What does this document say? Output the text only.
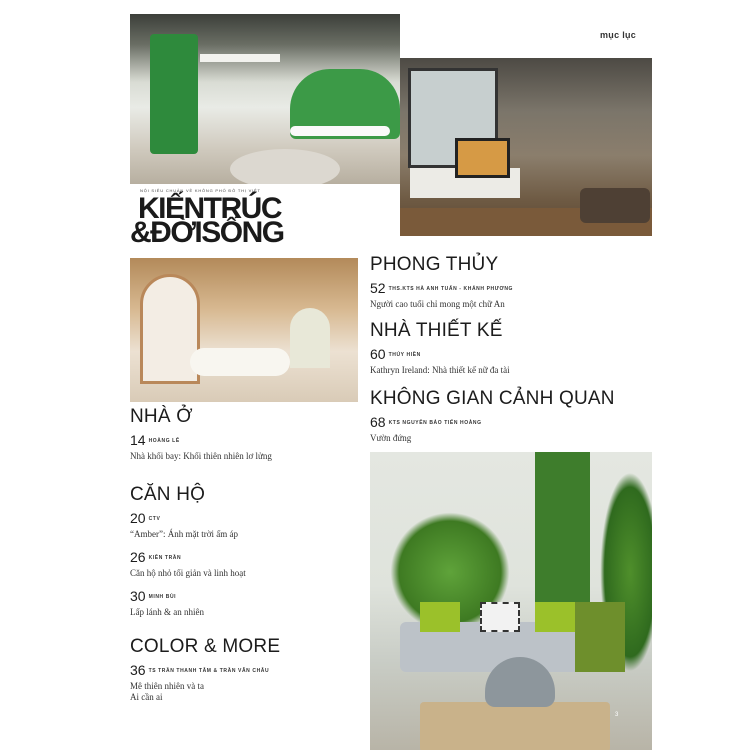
NỘI SIÊU CHUẨN VỀ KHÔNG PHỐ ĐÔ THỊ VIỆT
KIẾNTRÚC
&ĐỜISỐNG
NHÀ Ở
14 HOÀNG LÊ
Nhà khối bay: Khối thiên nhiên lơ lửng
CĂN HỘ
20 CTV
“Amber”: Ánh mặt trời ấm áp
26 KIÊN TRẦN
Căn hộ nhỏ tối giản và linh hoạt
30 MINH BÙI
Lấp lánh & an nhiên
COLOR & MORE
36 TS TRẦN THANH TÂM & TRẦN VĂN CHÂU
Mê thiên nhiên và ta
Ai cần ai
PHONG THỦY
52 THS.KTS HÀ ANH TUẤN - KHÁNH PHƯƠNG
Người cao tuổi chỉ mong một chữ An
NHÀ THIẾT KẾ
60 THÚY HIỀN
Kathryn Ireland: Nhà thiết kế nữ đa tài
KHÔNG GIAN CẢNH QUAN
68 KTS NGUYỄN BẢO TIẾN HOÀNG
Vườn đứng
3
mục lục
